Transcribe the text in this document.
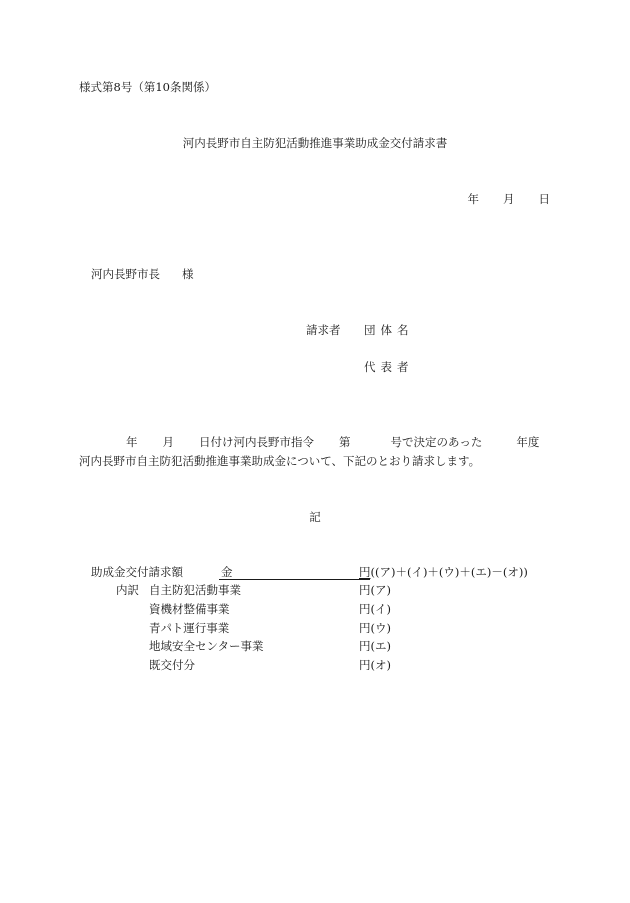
様式第8号（第10条関係）
河内長野市自主防犯活動推進事業助成金交付請求書
年 月 日
河内長野市長 様
請求者 団体名
代表者
年 月 日付け河内長野市指令 第	号で決定のあった	年度
河内長野市自主防犯活動推進事業助成金について、下記のとおり請求します。
記
助成金交付請求額	金	円((ア)＋(イ)＋(ウ)＋(エ)－(オ))
内訳 自主防犯活動事業	円(ア)
資機材整備事業	円(イ)
青パト運行事業	円(ウ)
地域安全センター事業	円(エ)
既交付分	円(オ)
